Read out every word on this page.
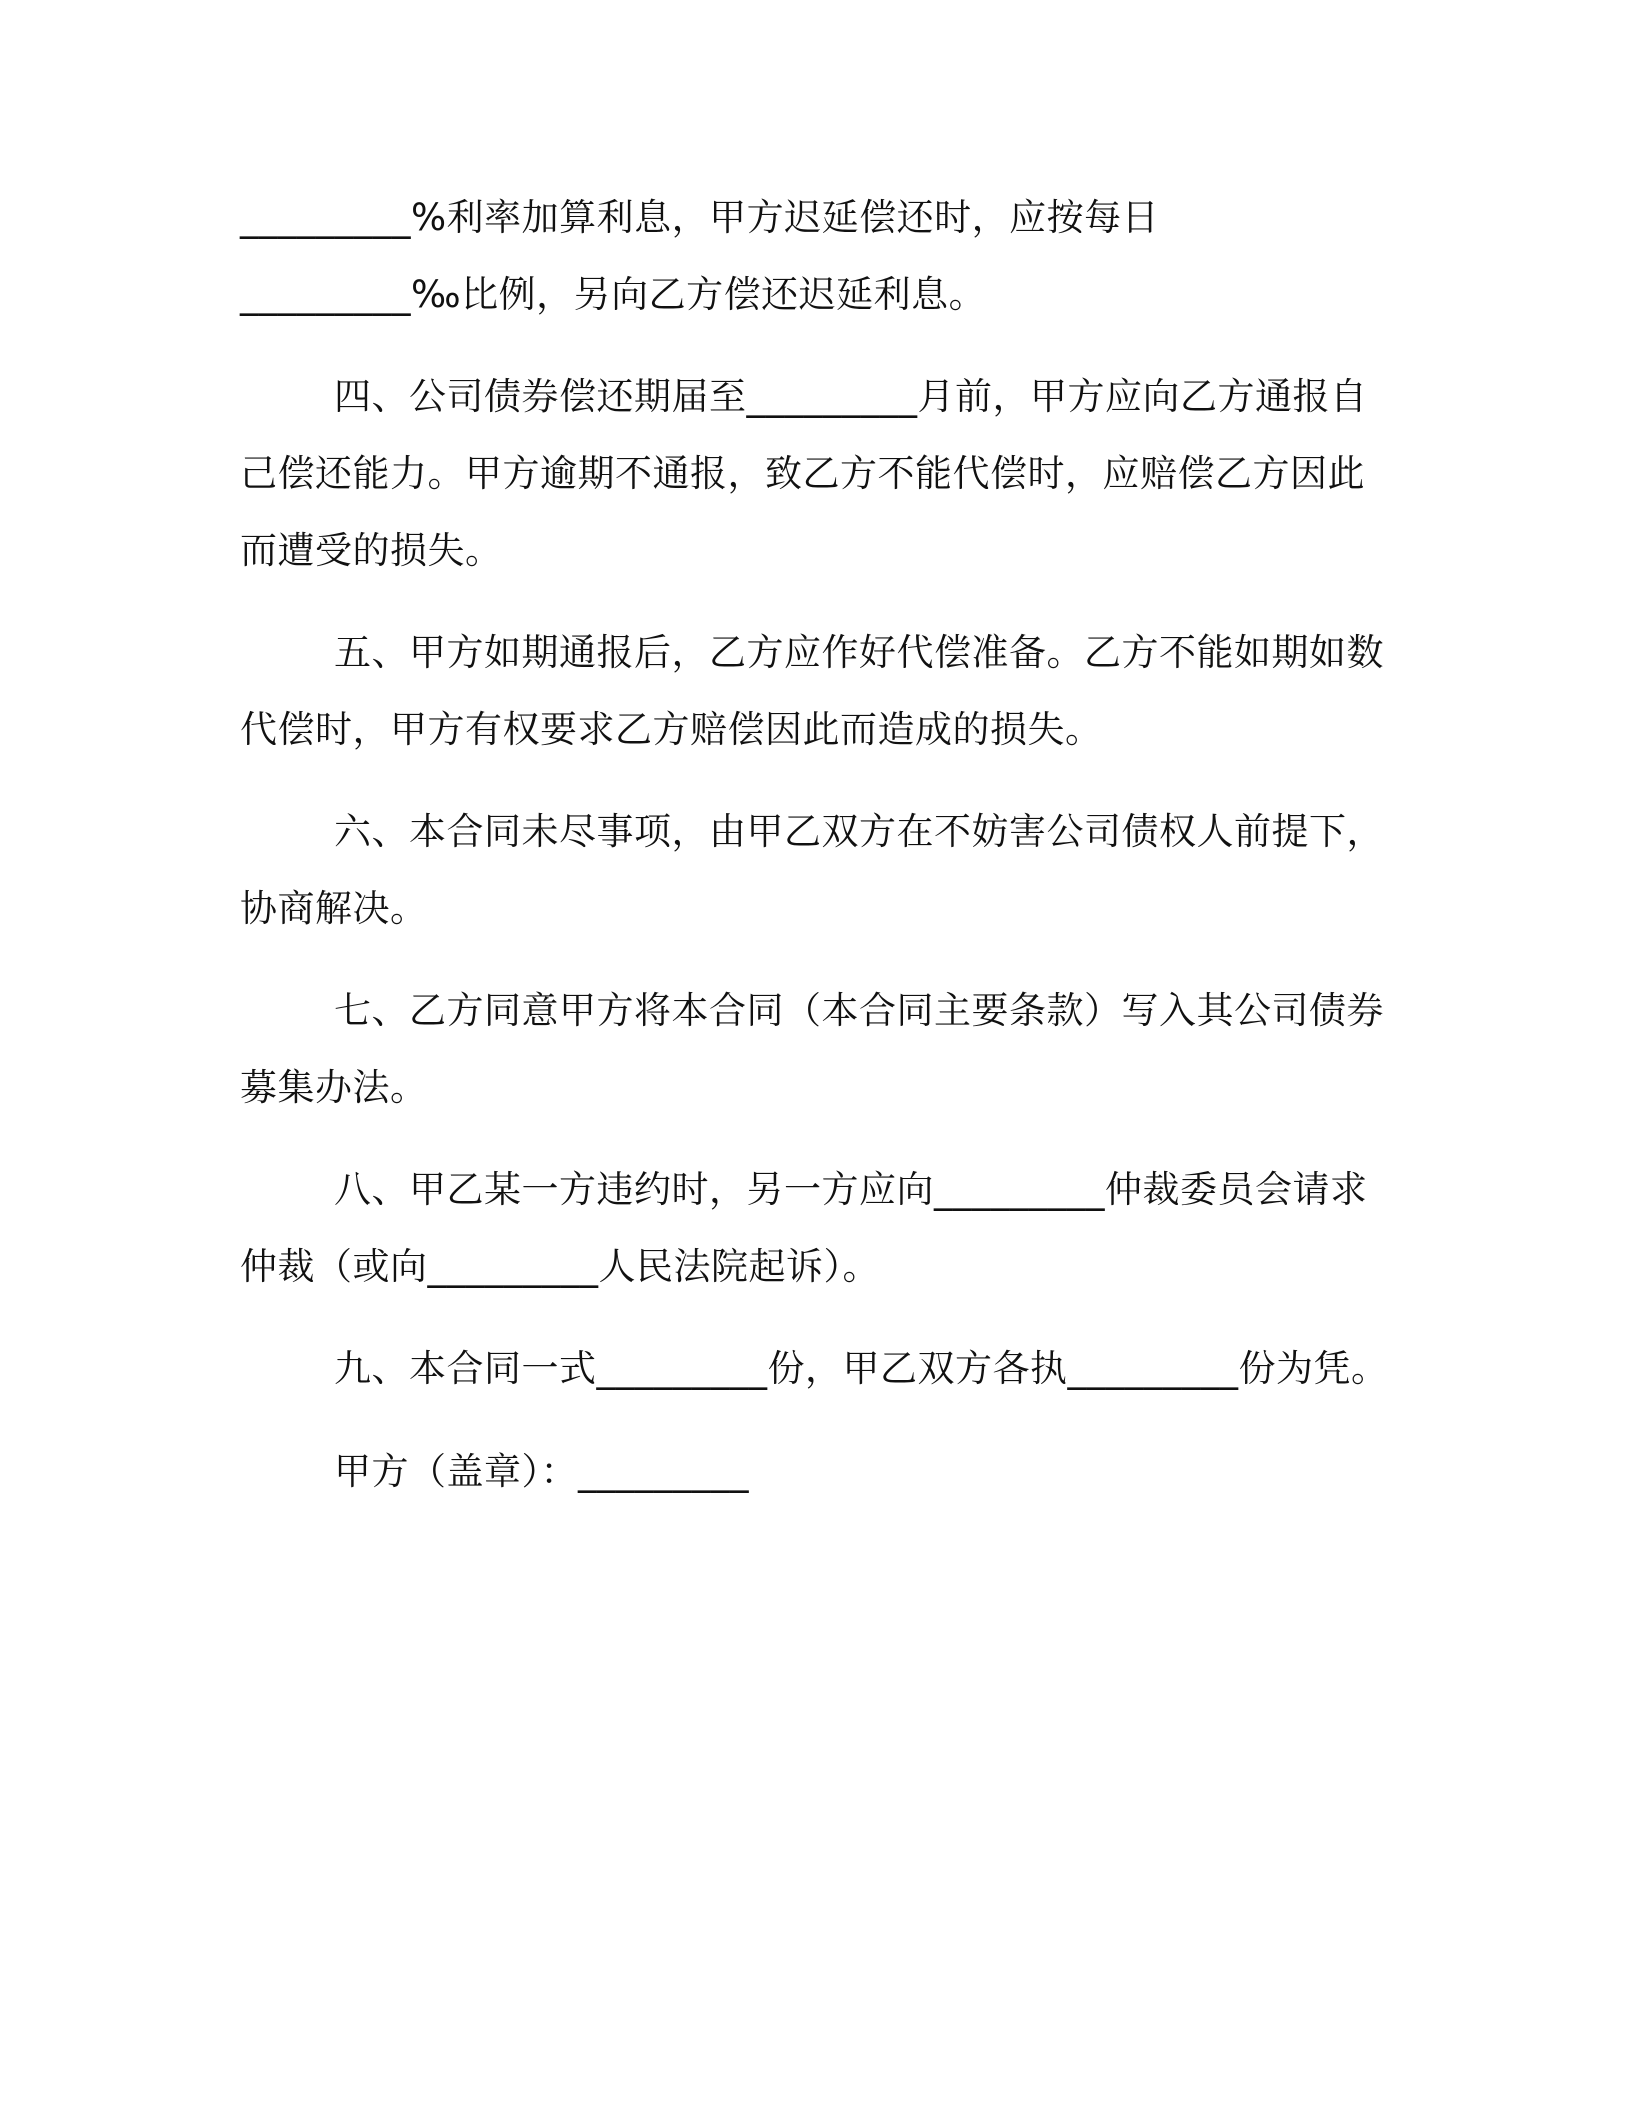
_________%利率加算利息，甲方迟延偿还时，应按每日
_________‰比例，另向乙方偿还迟延利息。
四、公司债券偿还期届至_________月前，甲方应向乙方通报自
己偿还能力。甲方逾期不通报，致乙方不能代偿时，应赔偿乙方因此
而遭受的损失。
五、甲方如期通报后，乙方应作好代偿准备。乙方不能如期如数
代偿时，甲方有权要求乙方赔偿因此而造成的损失。
六、本合同未尽事项，由甲乙双方在不妨害公司债权人前提下，
协商解决。
七、乙方同意甲方将本合同（本合同主要条款）写入其公司债券
募集办法。
八、甲乙某一方违约时，另一方应向_________仲裁委员会请求
仲裁（或向_________人民法院起诉）。
九、本合同一式_________份，甲乙双方各执_________份为凭。
甲方（盖章）：_________
